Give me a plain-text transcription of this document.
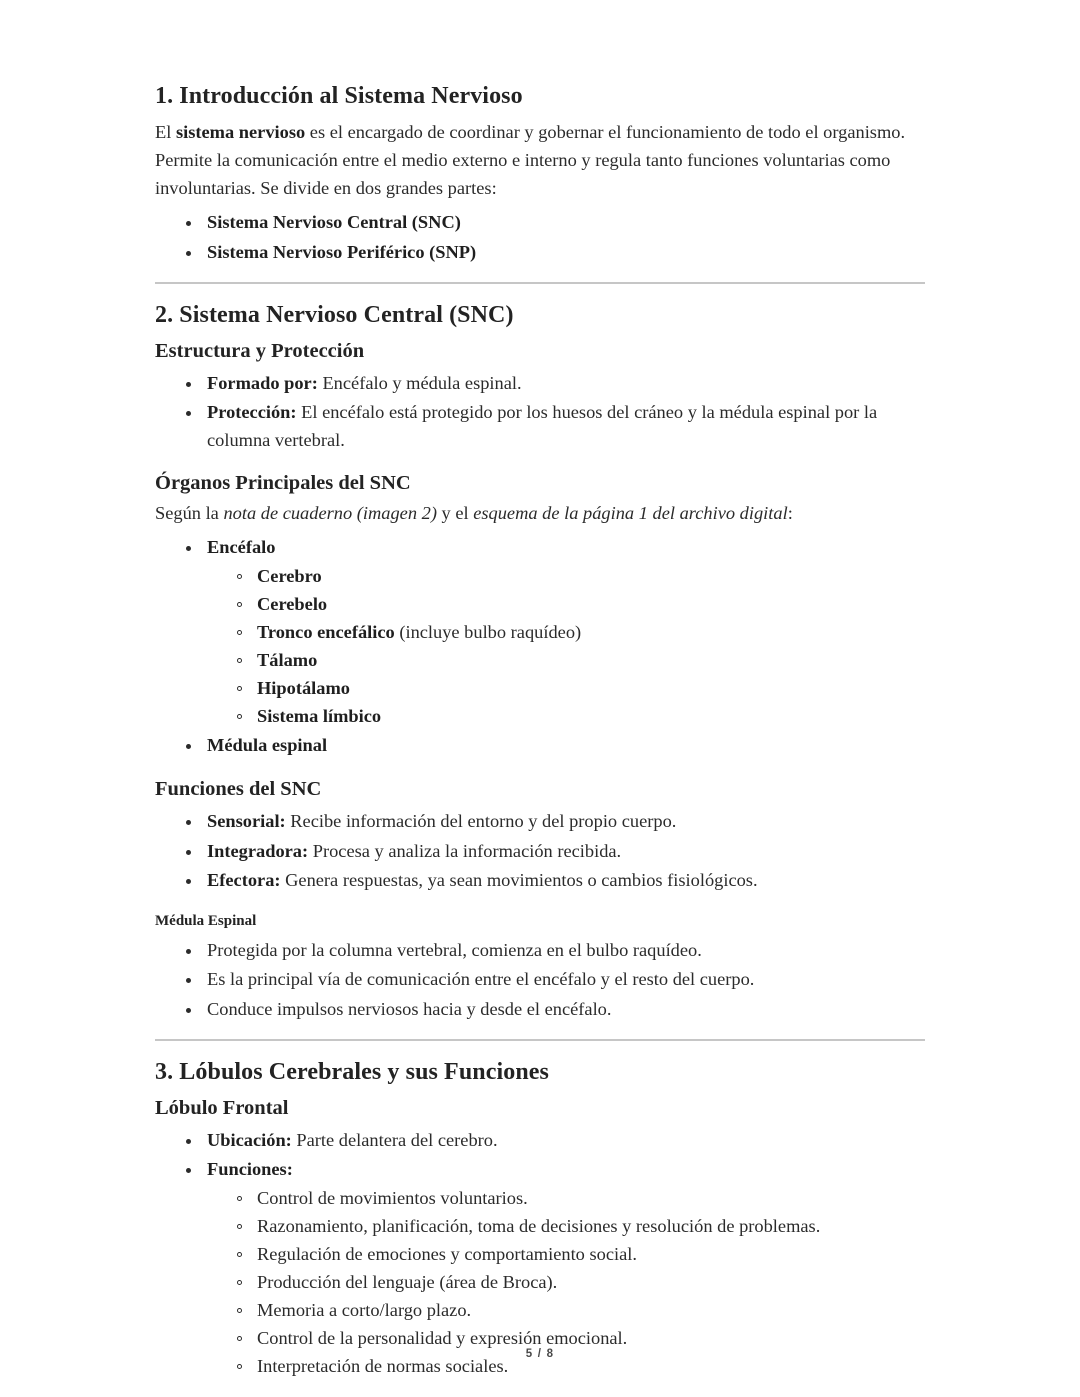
1. Introducción al Sistema Nervioso

El sistema nervioso es el encargado de coordinar y gobernar el funcionamiento de todo el organismo. Permite la comunicación entre el medio externo e interno y regula tanto funciones voluntarias como involuntarias. Se divide en dos grandes partes:

Sistema Nervioso Central (SNC)
Sistema Nervioso Periférico (SNP)
2. Sistema Nervioso Central (SNC)
Estructura y Protección
Formado por: Encéfalo y médula espinal.
Protección: El encéfalo está protegido por los huesos del cráneo y la médula espinal por la columna vertebral.
Órganos Principales del SNC

Según la nota de cuaderno (imagen 2) y el esquema de la página 1 del archivo digital:

Encéfalo
Cerebro
Cerebelo
Tronco encefálico (incluye bulbo raquídeo)
Tálamo
Hipotálamo
Sistema límbico
Médula espinal
Funciones del SNC
Sensorial: Recibe información del entorno y del propio cuerpo.
Integradora: Procesa y analiza la información recibida.
Efectora: Genera respuestas, ya sean movimientos o cambios fisiológicos.
Médula Espinal
Protegida por la columna vertebral, comienza en el bulbo raquídeo.
Es la principal vía de comunicación entre el encéfalo y el resto del cuerpo.
Conduce impulsos nerviosos hacia y desde el encéfalo.
3. Lóbulos Cerebrales y sus Funciones
Lóbulo Frontal
Ubicación: Parte delantera del cerebro.
Funciones:
Control de movimientos voluntarios.
Razonamiento, planificación, toma de decisiones y resolución de problemas.
Regulación de emociones y comportamiento social.
Producción del lenguaje (área de Broca).
Memoria a corto/largo plazo.
Control de la personalidad y expresión emocional.
Interpretación de normas sociales.
5 / 8
